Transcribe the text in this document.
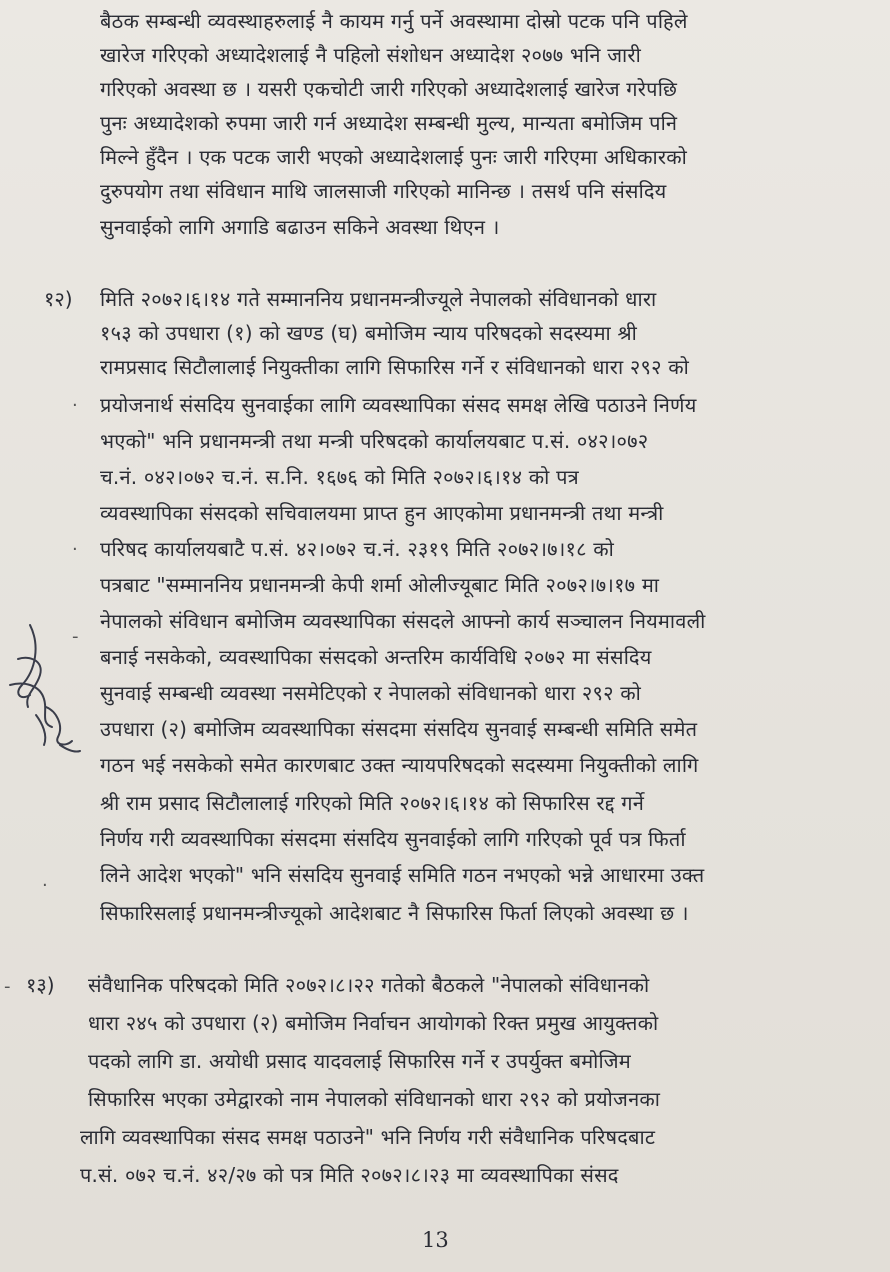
बैठक सम्बन्धी व्यवस्थाहरुलाई नै कायम गर्नु पर्ने अवस्थामा दोस्रो पटक पनि पहिले
खारेज गरिएको अध्यादेशलाई नै पहिलो संशोधन अध्यादेश २०७७ भनि जारी
गरिएको अवस्था छ । यसरी एकचोटी जारी गरिएको अध्यादेशलाई खारेज गरेपछि
पुनः अध्यादेशको रुपमा जारी गर्न अध्यादेश सम्बन्धी मुल्य, मान्यता बमोजिम पनि
मिल्ने हुँदैन । एक पटक जारी भएको अध्यादेशलाई पुनः जारी गरिएमा अधिकारको
दुरुपयोग तथा संविधान माथि जालसाजी गरिएको मानिन्छ । तसर्थ पनि संसदिय
सुनवाईको लागि अगाडि बढाउन सकिने अवस्था थिएन ।
१२) मिति २०७२।६।१४ गते सम्माननिय प्रधानमन्त्रीज्यूले नेपालको संविधानको धारा
१५३ को उपधारा (१) को खण्ड (घ) बमोजिम न्याय परिषदको सदस्यमा श्री
रामप्रसाद सिटौलालाई नियुक्तीका लागि सिफारिस गर्ने र संविधानको धारा २९२ को
प्रयोजनार्थ संसदिय सुनवाईका लागि व्यवस्थापिका संसद समक्ष लेखि पठाउने निर्णय
भएको" भनि प्रधानमन्त्री तथा मन्त्री परिषदको कार्यालयबाट प.सं. ०४२।०७२
च.नं. ०४२।०७२ च.नं. स.नि. १६७६ को मिति २०७२।६।१४ को पत्र
व्यवस्थापिका संसदको सचिवालयमा प्राप्त हुन आएकोमा प्रधानमन्त्री तथा मन्त्री
परिषद कार्यालयबाटै प.सं. ४२।०७२ च.नं. २३१९ मिति २०७२।७।१८ को
पत्रबाट "सम्माननिय प्रधानमन्त्री केपी शर्मा ओलीज्यूबाट मिति २०७२।७।१७ मा
नेपालको संविधान बमोजिम व्यवस्थापिका संसदले आफ्नो कार्य सञ्चालन नियमावली
बनाई नसकेको, व्यवस्थापिका संसदको अन्तरिम कार्यविधि २०७२ मा संसदिय
सुनवाई सम्बन्धी व्यवस्था नसमेटिएको र नेपालको संविधानको धारा २९२ को
उपधारा (२) बमोजिम व्यवस्थापिका संसदमा संसदिय सुनवाई सम्बन्धी समिति समेत
गठन भई नसकेको समेत कारणबाट उक्त न्यायपरिषदको सदस्यमा नियुक्तीको लागि
श्री राम प्रसाद सिटौलालाई गरिएको मिति २०७२।६।१४ को सिफारिस रद्द गर्ने
निर्णय गरी व्यवस्थापिका संसदमा संसदिय सुनवाईको लागि गरिएको पूर्व पत्र फिर्ता
लिने आदेश भएको" भनि संसदिय सुनवाई समिति गठन नभएको भन्ने आधारमा उक्त
सिफारिसलाई प्रधानमन्त्रीज्यूको आदेशबाट नै सिफारिस फिर्ता लिएको अवस्था छ ।
१३) संवैधानिक परिषदको मिति २०७२।८।२२ गतेको बैठकले "नेपालको संविधानको
धारा २४५ को उपधारा (२) बमोजिम निर्वाचन आयोगको रिक्त प्रमुख आयुक्तको
पदको लागि डा. अयोधी प्रसाद यादवलाई सिफारिस गर्ने र उपर्युक्त बमोजिम
सिफारिस भएका उमेद्वारको नाम नेपालको संविधानको धारा २९२ को प्रयोजनका
लागि व्यवस्थापिका संसद समक्ष पठाउने" भनि निर्णय गरी संवैधानिक परिषदबाट
प.सं. ०७२ च.नं. ४२/२७ को पत्र मिति २०७२।८।२३ मा व्यवस्थापिका संसद
.
.
-
.
-
13
